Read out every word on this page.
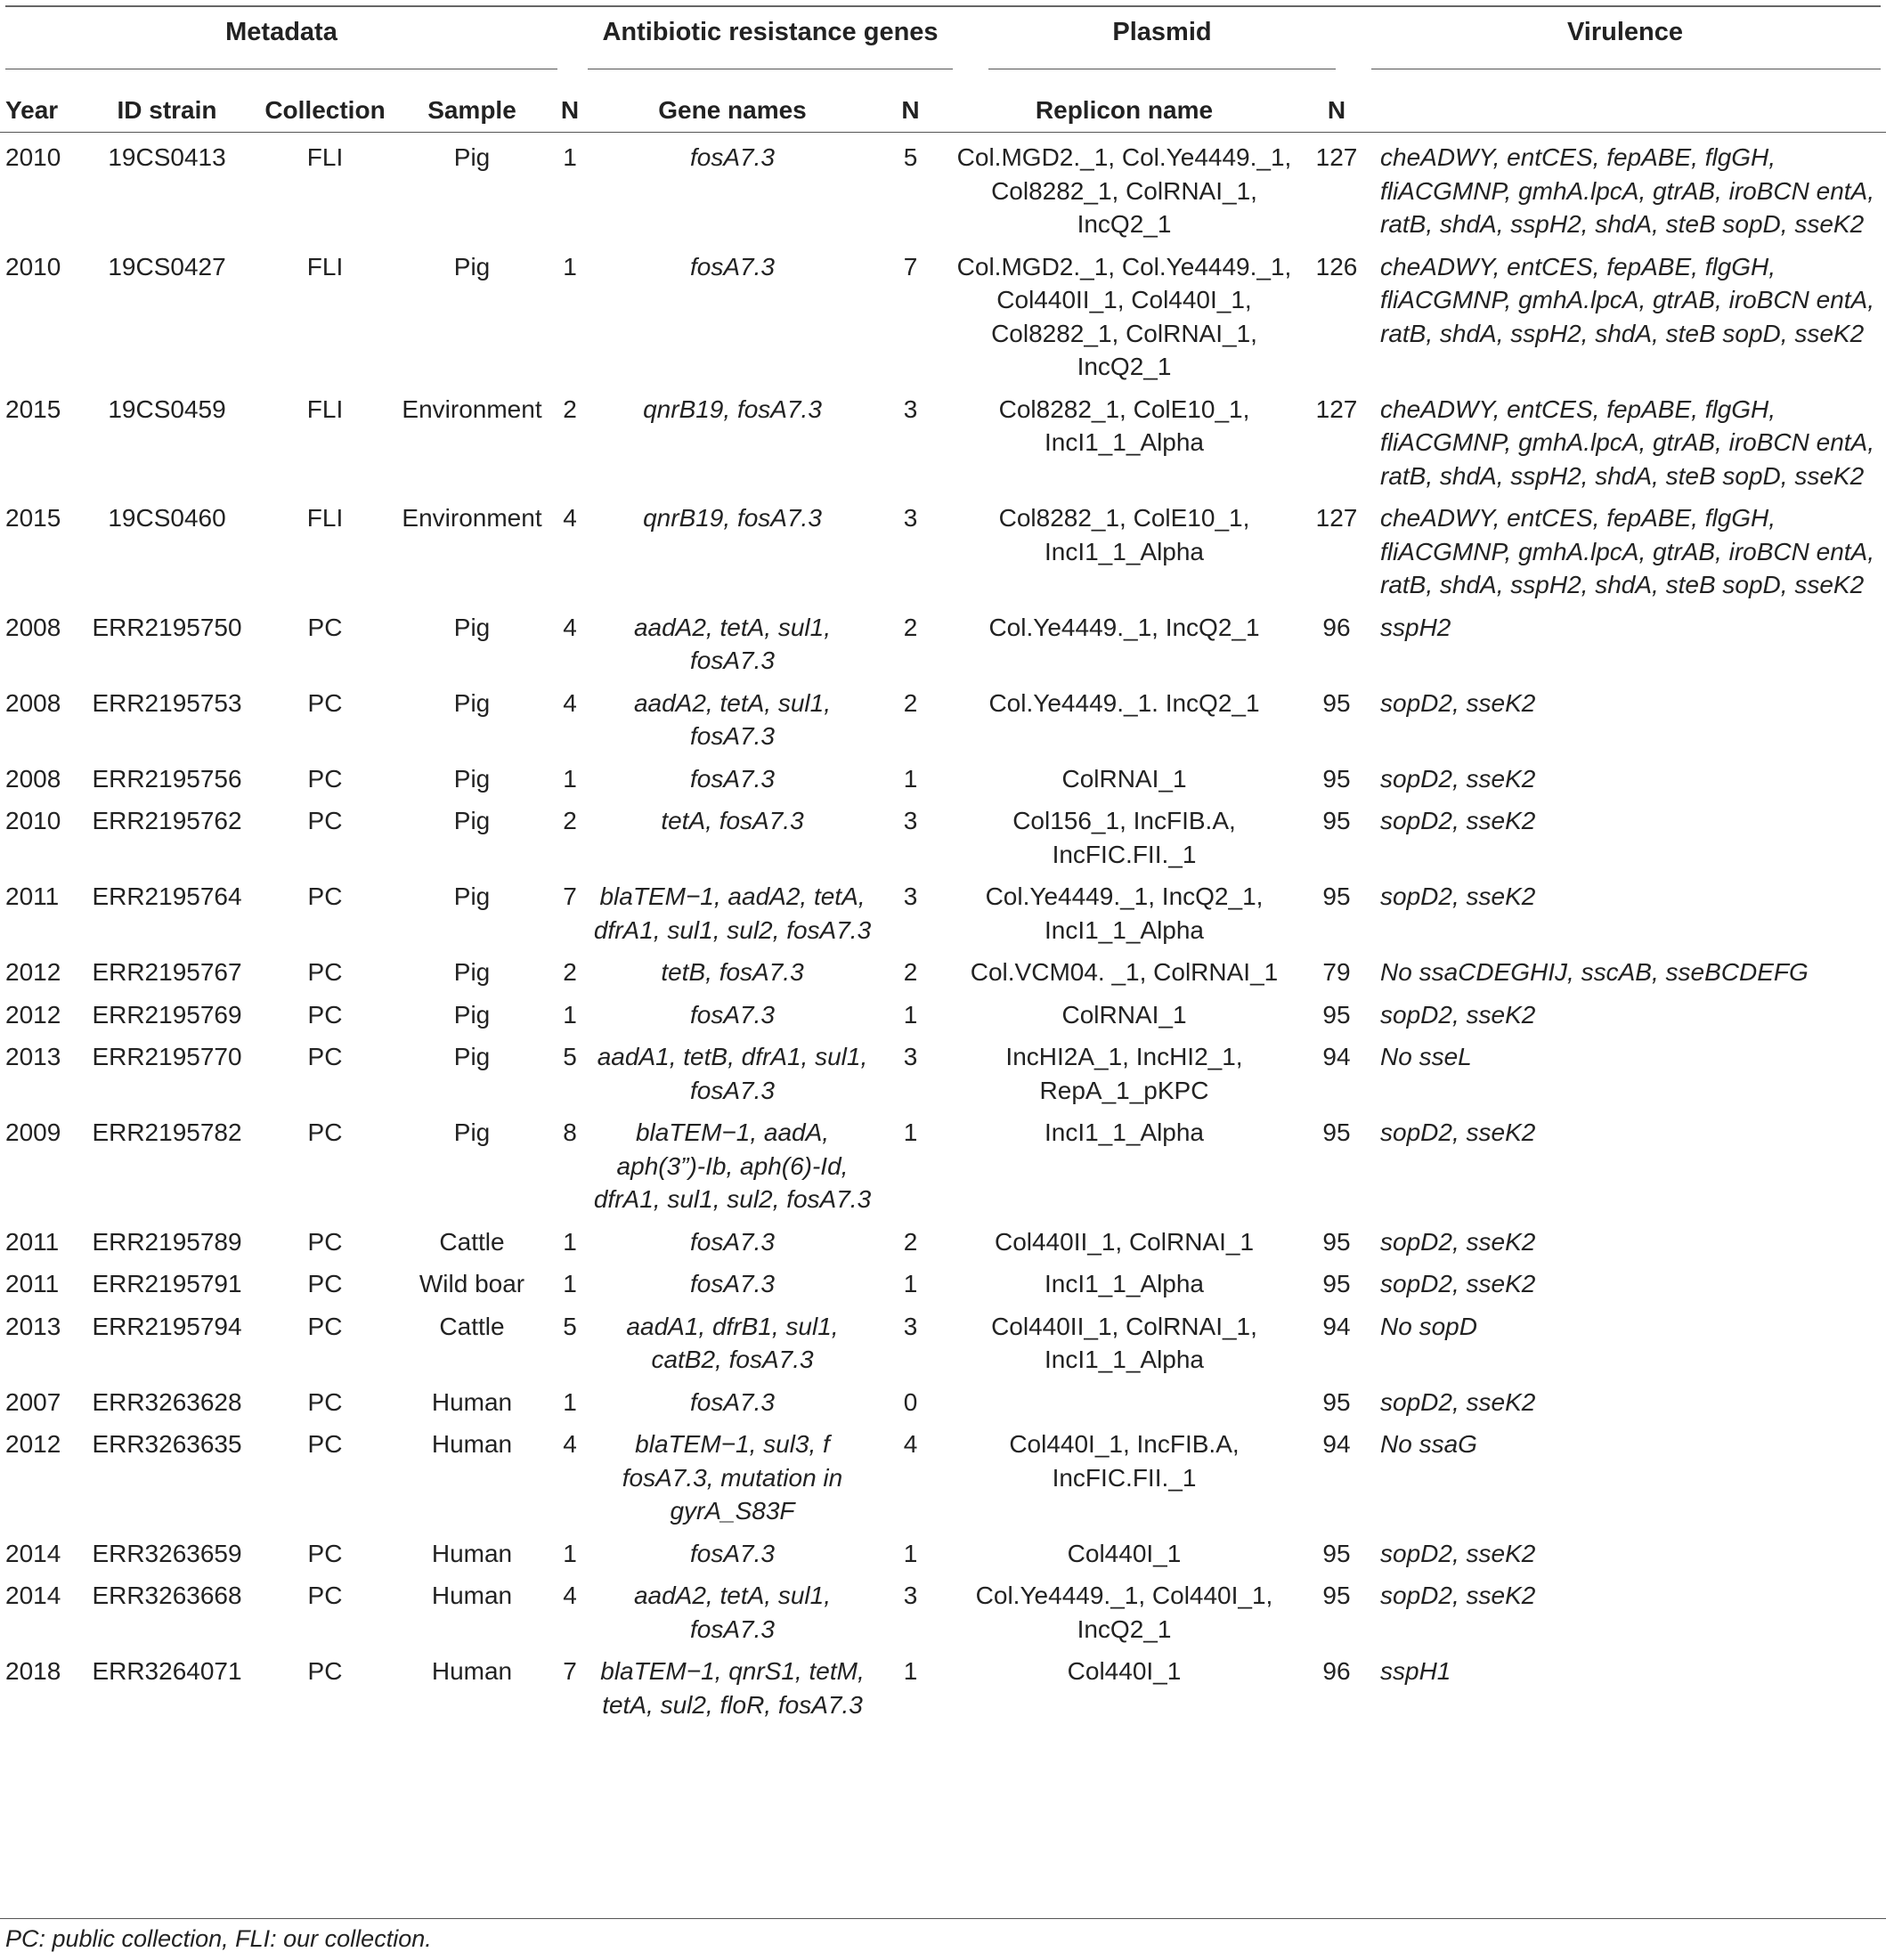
Metadata	Antibiotic resistance genes	Plasmid	Virulence
Year	ID strain	Collection	Sample	N	Gene names	N	Replicon name	N	
2010	19CS0413	FLI	Pig	1	fosA7.3	5	Col.MGD2._1, Col.Ye4449._1, Col8282_1, ColRNAI_1, IncQ2_1	127	cheADWY, entCES, fepABE, flgGH, fliACGMNP, gmhA.lpcA, gtrAB, iroBCN entA, ratB, shdA, sspH2, shdA, steB sopD, sseK2
2010	19CS0427	FLI	Pig	1	fosA7.3	7	Col.MGD2._1, Col.Ye4449._1, Col440II_1, Col440I_1, Col8282_1, ColRNAI_1, IncQ2_1	126	cheADWY, entCES, fepABE, flgGH, fliACGMNP, gmhA.lpcA, gtrAB, iroBCN entA, ratB, shdA, sspH2, shdA, steB sopD, sseK2
2015	19CS0459	FLI	Environment	2	qnrB19, fosA7.3	3	Col8282_1, ColE10_1, IncI1_1_Alpha	127	cheADWY, entCES, fepABE, flgGH, fliACGMNP, gmhA.lpcA, gtrAB, iroBCN entA, ratB, shdA, sspH2, shdA, steB sopD, sseK2
2015	19CS0460	FLI	Environment	4	qnrB19, fosA7.3	3	Col8282_1, ColE10_1, IncI1_1_Alpha	127	cheADWY, entCES, fepABE, flgGH, fliACGMNP, gmhA.lpcA, gtrAB, iroBCN entA, ratB, shdA, sspH2, shdA, steB sopD, sseK2
2008	ERR2195750	PC	Pig	4	aadA2, tetA, sul1, fosA7.3	2	Col.Ye4449._1, IncQ2_1	96	sspH2
2008	ERR2195753	PC	Pig	4	aadA2, tetA, sul1, fosA7.3	2	Col.Ye4449._1. IncQ2_1	95	sopD2, sseK2
2008	ERR2195756	PC	Pig	1	fosA7.3	1	ColRNAI_1	95	sopD2, sseK2
2010	ERR2195762	PC	Pig	2	tetA, fosA7.3	3	Col156_1, IncFIB.A, IncFIC.FII._1	95	sopD2, sseK2
2011	ERR2195764	PC	Pig	7	blaTEM−1, aadA2, tetA, dfrA1, sul1, sul2, fosA7.3	3	Col.Ye4449._1, IncQ2_1, IncI1_1_Alpha	95	sopD2, sseK2
2012	ERR2195767	PC	Pig	2	tetB, fosA7.3	2	Col.VCM04. _1, ColRNAI_1	79	No ssaCDEGHIJ, sscAB, sseBCDEFG
2012	ERR2195769	PC	Pig	1	fosA7.3	1	ColRNAI_1	95	sopD2, sseK2
2013	ERR2195770	PC	Pig	5	aadA1, tetB, dfrA1, sul1, fosA7.3	3	IncHI2A_1, IncHI2_1, RepA_1_pKPC	94	No sseL
2009	ERR2195782	PC	Pig	8	blaTEM−1, aadA, aph(3”)-Ib, aph(6)-Id, dfrA1, sul1, sul2, fosA7.3	1	IncI1_1_Alpha	95	sopD2, sseK2
2011	ERR2195789	PC	Cattle	1	fosA7.3	2	Col440II_1, ColRNAI_1	95	sopD2, sseK2
2011	ERR2195791	PC	Wild boar	1	fosA7.3	1	IncI1_1_Alpha	95	sopD2, sseK2
2013	ERR2195794	PC	Cattle	5	aadA1, dfrB1, sul1, catB2, fosA7.3	3	Col440II_1, ColRNAI_1, IncI1_1_Alpha	94	No sopD
2007	ERR3263628	PC	Human	1	fosA7.3	0		95	sopD2, sseK2
2012	ERR3263635	PC	Human	4	blaTEM−1, sul3, f fosA7.3, mutation in gyrA_S83F	4	Col440I_1, IncFIB.A, IncFIC.FII._1	94	No ssaG
2014	ERR3263659	PC	Human	1	fosA7.3	1	Col440I_1	95	sopD2, sseK2
2014	ERR3263668	PC	Human	4	aadA2, tetA, sul1, fosA7.3	3	Col.Ye4449._1, Col440I_1, IncQ2_1	95	sopD2, sseK2
2018	ERR3264071	PC	Human	7	blaTEM−1, qnrS1, tetM, tetA, sul2, floR, fosA7.3	1	Col440I_1	96	sspH1
PC: public collection, FLI: our collection.
